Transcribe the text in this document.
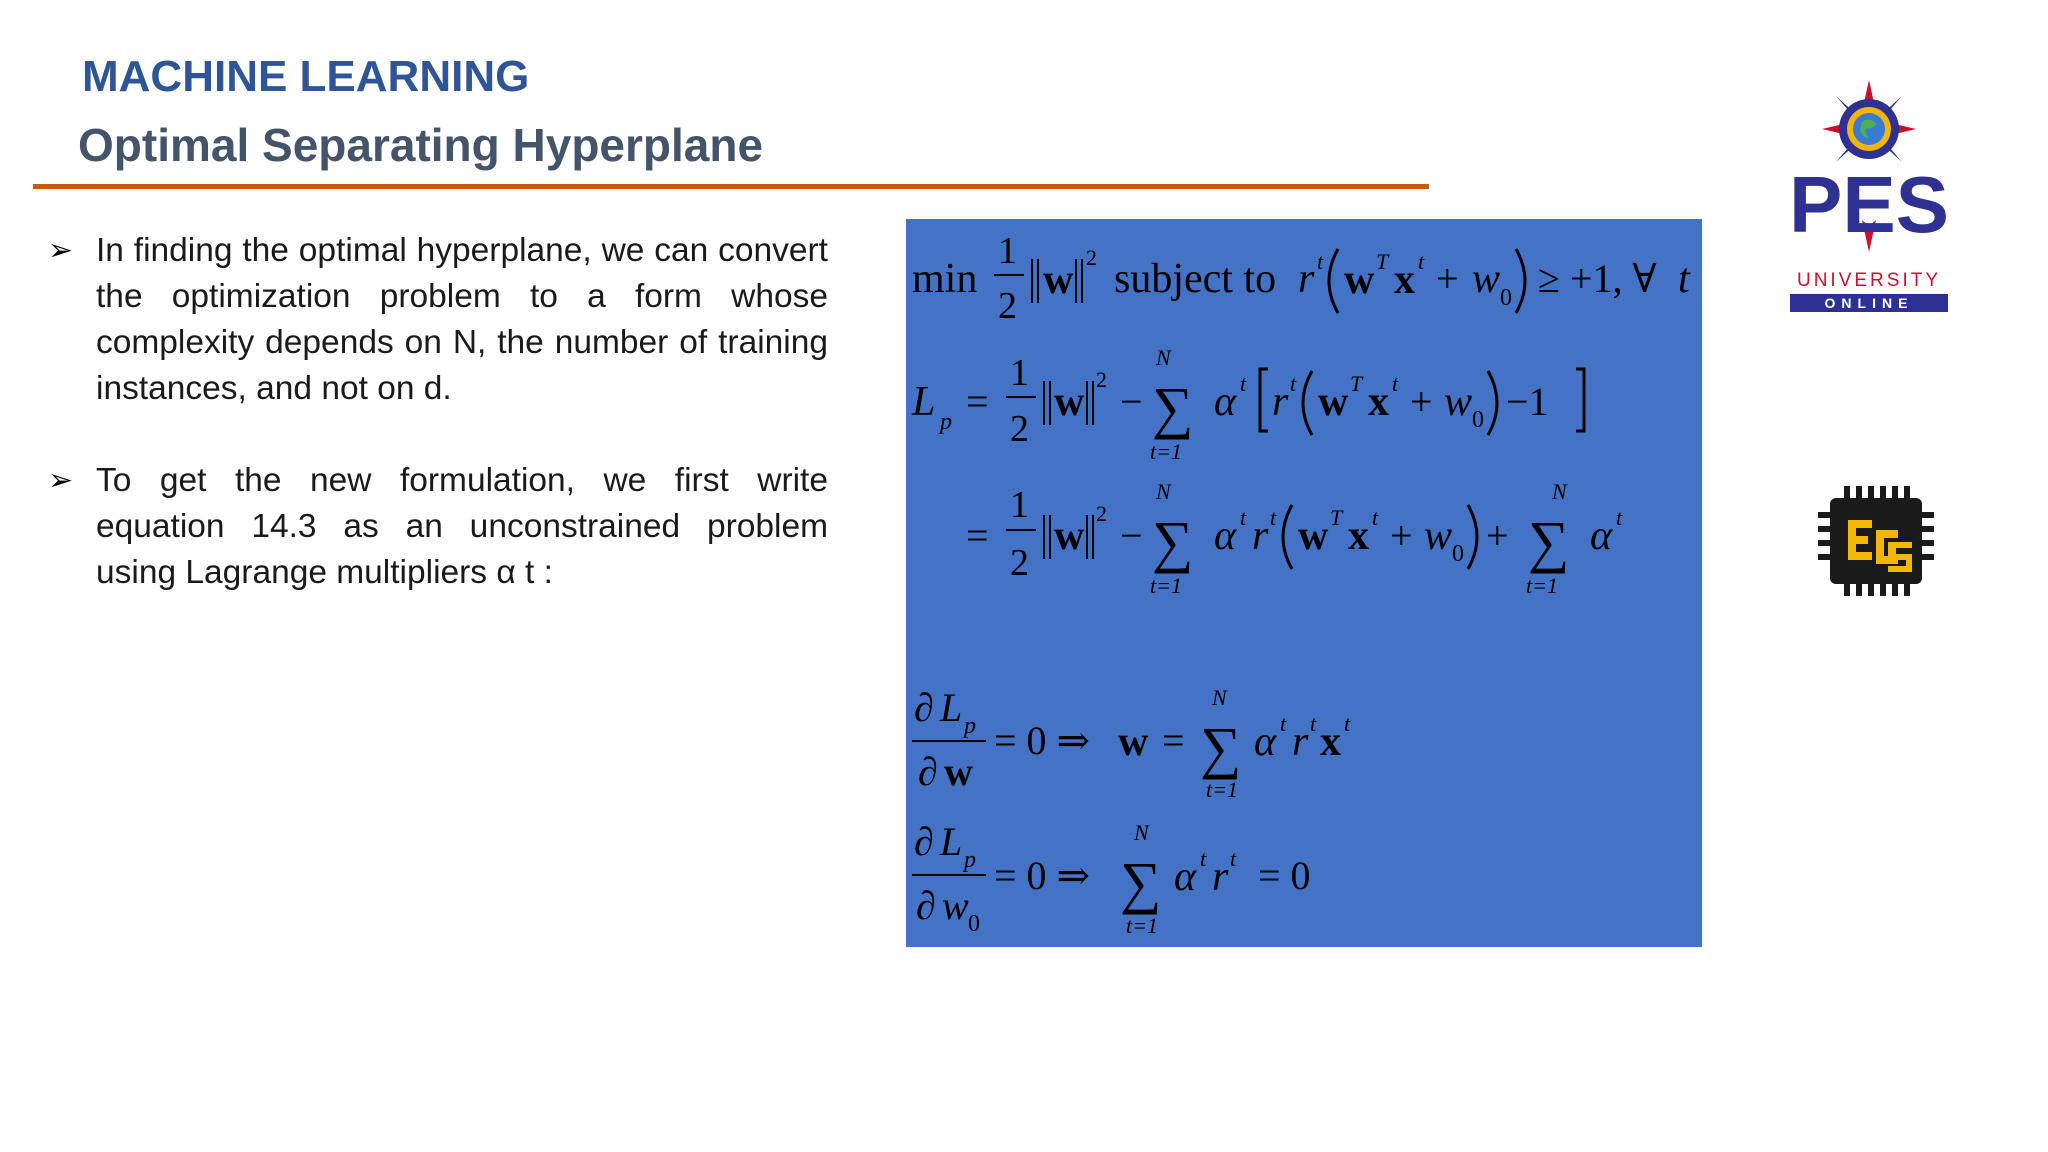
MACHINE LEARNING
Optimal Separating Hyperplane

➢ In finding the optimal hyperplane, we can convert the optimization problem to a form whose complexity depends on N, the number of training instances, and not on d.

➢ To get the new formulation, we first write equation 14.3 as an unconstrained problem using Lagrange multipliers α t :

min
1
2
w 2 subject to r t w T x t + w 0 ≥ +1, ∀ t
L p =
1
2
w 2 −
N
∑
t=1
α t r t w T x t + w 0 −1
=
1
2
w 2 −
N
∑
t=1
α t r t w T x t + w 0 +
N
∑
t=1
α t
∂ L p
∂ w
= 0 ⇒ w =
N
∑
t=1
α t r t x t
∂ L p
∂ w 0
= 0 ⇒
N
∑
t=1
α t r t = 0
PES
UNIVERSITY
ONLINE
